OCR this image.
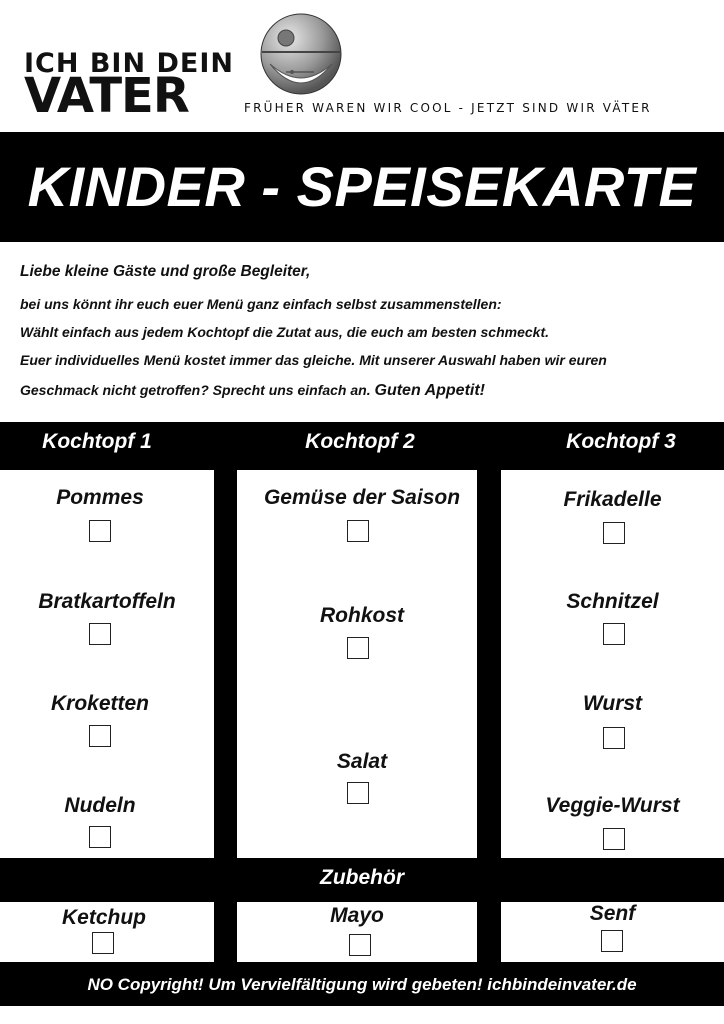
ICH BIN DEIN
VATER	FRÜHER WAREN WIR COOL - JETZT SIND WIR VÄTER
KINDER - SPEISEKARTE
Liebe kleine Gäste und große Begleiter,
bei uns könnt ihr euch euer Menü ganz einfach selbst zusammenstellen:
Wählt einfach aus jedem Kochtopf die Zutat aus, die euch am besten schmeckt.
Euer individuelles Menü kostet immer das gleiche. Mit unserer Auswahl haben wir euren
Geschmack nicht getroffen? Sprecht uns einfach an. Guten Appetit!
Kochtopf 1	Kochtopf 2	Kochtopf 3
Pommes
Bratkartoffeln
Kroketten
Nudeln
Gemüse der Saison
Rohkost
Salat
Frikadelle
Schnitzel
Wurst
Veggie-Wurst
Zubehör
Ketchup	Mayo	Senf
NO Copyright! Um Vervielfältigung wird gebeten! ichbindeinvater.de
